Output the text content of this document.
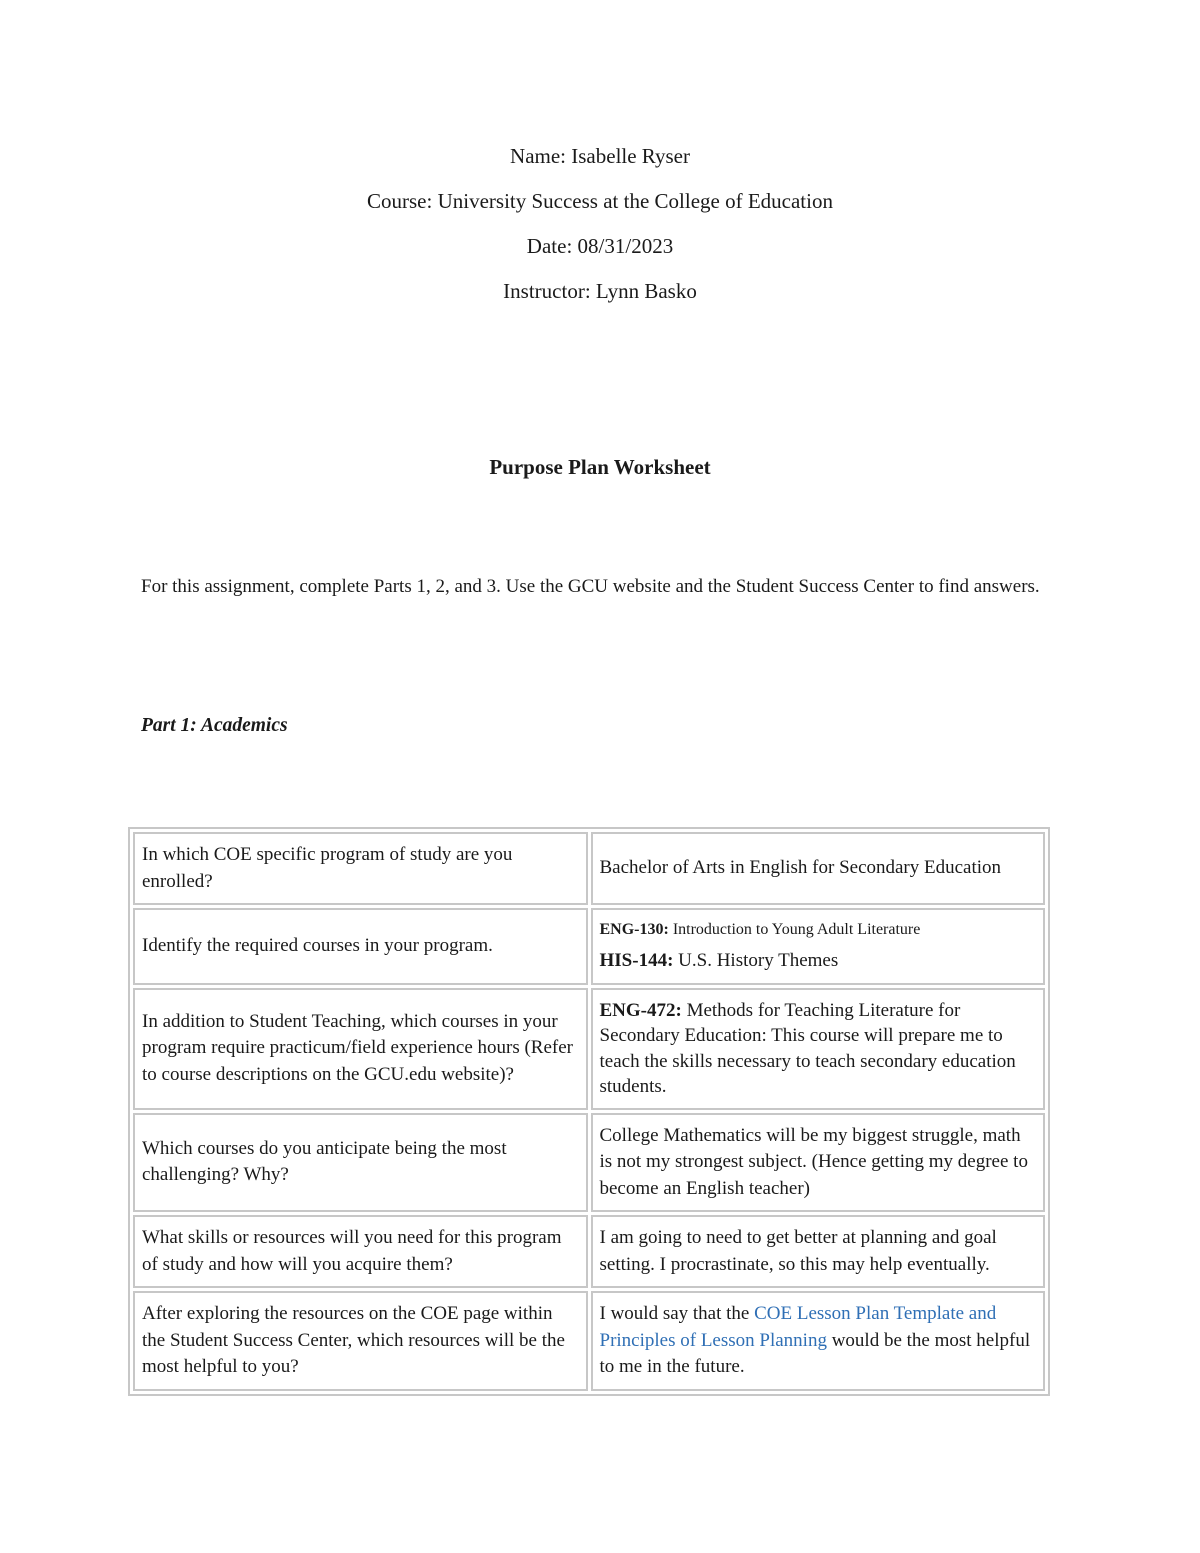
Name: Isabelle Ryser
Course: University Success at the College of Education
Date: 08/31/2023
Instructor: Lynn Basko
Purpose Plan Worksheet
For this assignment, complete Parts 1, 2, and 3. Use the GCU website and the Student Success Center to find answers.
Part 1: Academics
In which COE specific program of study are you enrolled?	Bachelor of Arts in English for Secondary Education
Identify the required courses in your program.	ENG-130: Introduction to Young Adult Literature
HIS-144: U.S. History Themes

In addition to Student Teaching, which courses in your program require practicum/field experience hours (Refer to course descriptions on the GCU.edu website)?	ENG-472: Methods for Teaching Literature for Secondary Education: This course will prepare me to teach the skills necessary to teach secondary education students.
Which courses do you anticipate being the most challenging? Why?	College Mathematics will be my biggest struggle, math is not my strongest subject. (Hence getting my degree to become an English teacher)
What skills or resources will you need for this program of study and how will you acquire them?	I am going to need to get better at planning and goal setting. I procrastinate, so this may help eventually.
After exploring the resources on the COE page within the Student Success Center, which resources will be the most helpful to you?	I would say that the COE Lesson Plan Template and Principles of Lesson Planning would be the most helpful to me in the future.
